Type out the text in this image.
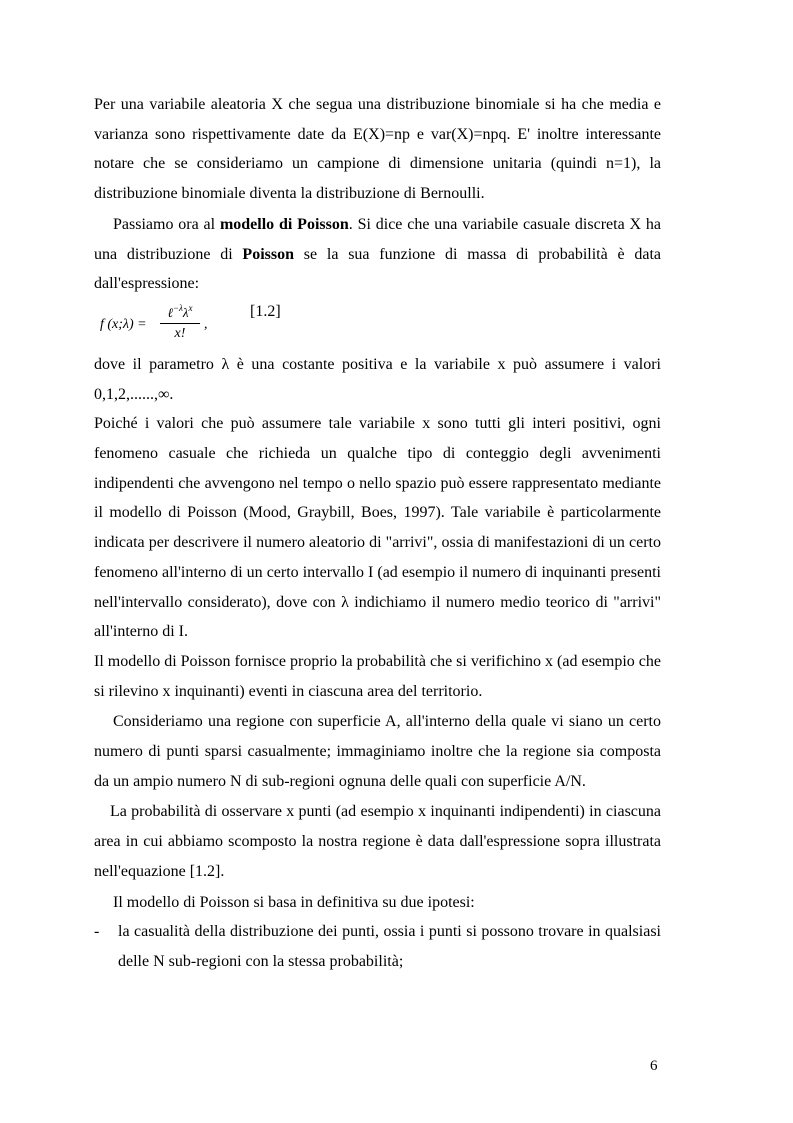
Per una variabile aleatoria X che segua una distribuzione binomiale si ha che media e varianza sono rispettivamente date da E(X)=np e var(X)=npq. E' inoltre interessante notare che se consideriamo un campione di dimensione unitaria (quindi n=1), la distribuzione binomiale diventa la distribuzione di Bernoulli.

Passiamo ora al modello di Poisson. Si dice che una variabile casuale discreta X ha una distribuzione di Poisson se la sua funzione di massa di probabilità è data dall'espressione:

f (x;λ) =
$\ell^{-\lambda}\lambda^x$
x!
,
[1.2]

dove il parametro λ è una costante positiva e la variabile x può assumere i valori 0,1,2,......,∞.

Poiché i valori che può assumere tale variabile x sono tutti gli interi positivi, ogni fenomeno casuale che richieda un qualche tipo di conteggio degli avvenimenti indipendenti che avvengono nel tempo o nello spazio può essere rappresentato mediante il modello di Poisson (Mood, Graybill, Boes, 1997). Tale variabile è particolarmente indicata per descrivere il numero aleatorio di "arrivi", ossia di manifestazioni di un certo fenomeno all'interno di un certo intervallo I (ad esempio il numero di inquinanti presenti nell'intervallo considerato), dove con λ indichiamo il numero medio teorico di "arrivi" all'interno di I.

Il modello di Poisson fornisce proprio la probabilità che si verifichino x (ad esempio che si rilevino x inquinanti) eventi in ciascuna area del territorio.

Consideriamo una regione con superficie A, all'interno della quale vi siano un certo numero di punti sparsi casualmente; immaginiamo inoltre che la regione sia composta da un ampio numero N di sub-regioni ognuna delle quali con superficie A/N.

La probabilità di osservare x punti (ad esempio x inquinanti indipendenti) in ciascuna area in cui abbiamo scomposto la nostra regione è data dall'espressione sopra illustrata nell'equazione [1.2].

Il modello di Poisson si basa in definitiva su due ipotesi:

- la casualità della distribuzione dei punti, ossia i punti si possono trovare in qualsiasi delle N sub-regioni con la stessa probabilità;

6
